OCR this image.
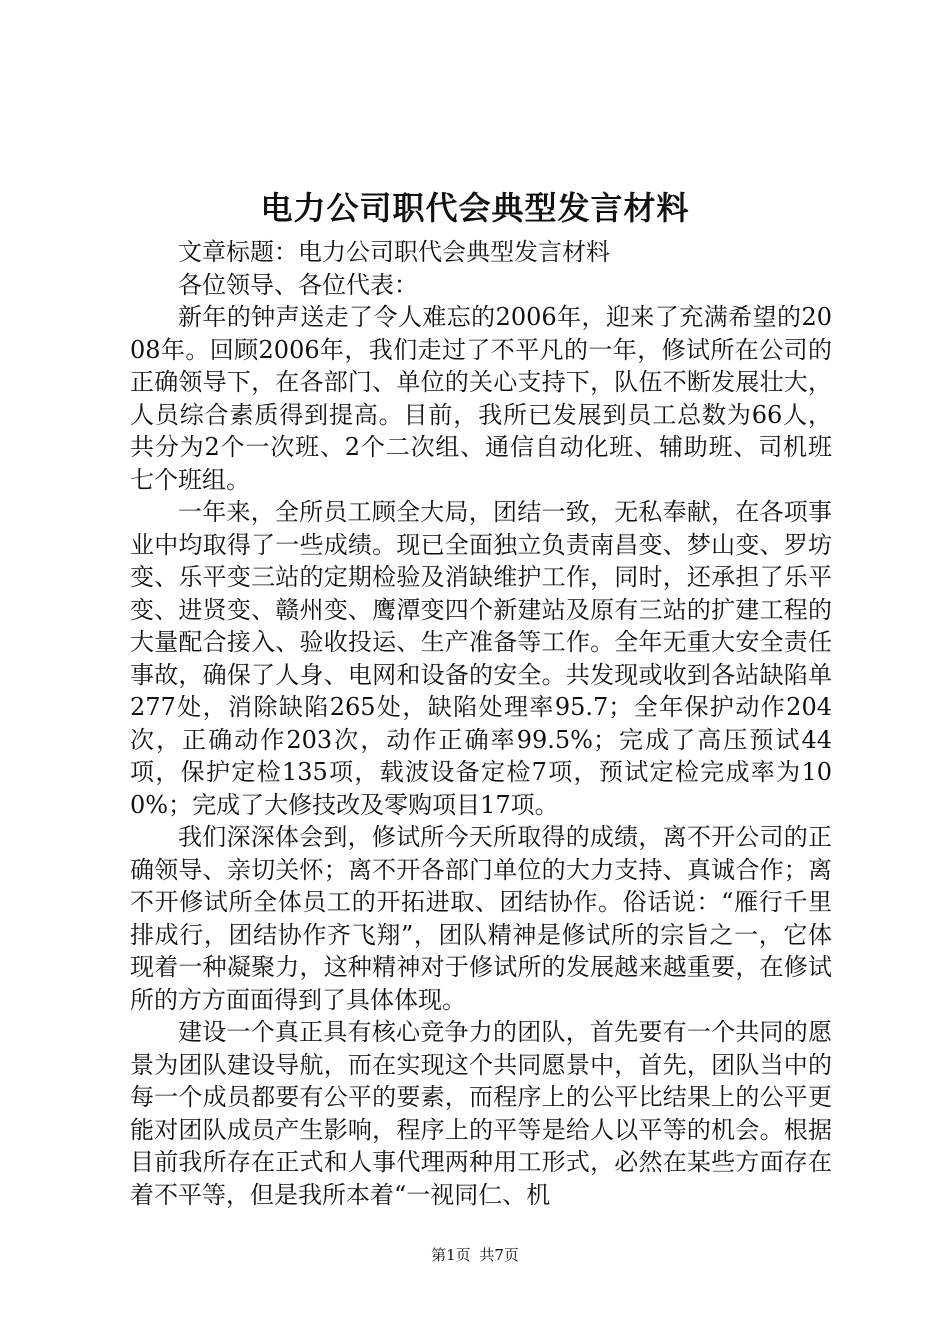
电力公司职代会典型发言材料

文章标题：电力公司职代会典型发言材料

各位领导、各位代表：

新年的钟声送走了令人难忘的2006年，迎来了充满希望的2008年。回顾2006年，我们走过了不平凡的一年，修试所在公司的正确领导下，在各部门、单位的关心支持下，队伍不断发展壮大，人员综合素质得到提高。目前，我所已发展到员工总数为66人，共分为2个一次班、2个二次组、通信自动化班、辅助班、司机班七个班组。

一年来，全所员工顾全大局，团结一致，无私奉献，在各项事业中均取得了一些成绩。现已全面独立负责南昌变、梦山变、罗坊变、乐平变三站的定期检验及消缺维护工作，同时，还承担了乐平变、进贤变、赣州变、鹰潭变四个新建站及原有三站的扩建工程的大量配合接入、验收投运、生产准备等工作。全年无重大安全责任事故，确保了人身、电网和设备的安全。共发现或收到各站缺陷单277处，消除缺陷265处，缺陷处理率95.7；全年保护动作204次，正确动作203次，动作正确率99.5%；完成了高压预试44项，保护定检135项，载波设备定检7项，预试定检完成率为100%；完成了大修技改及零购项目17项。

我们深深体会到，修试所今天所取得的成绩，离不开公司的正确领导、亲切关怀；离不开各部门单位的大力支持、真诚合作；离不开修试所全体员工的开拓进取、团结协作。俗话说：“雁行千里排成行，团结协作齐飞翔”，团队精神是修试所的宗旨之一，它体现着一种凝聚力，这种精神对于修试所的发展越来越重要，在修试所的方方面面得到了具体体现。

建设一个真正具有核心竞争力的团队，首先要有一个共同的愿景为团队建设导航，而在实现这个共同愿景中，首先，团队当中的每一个成员都要有公平的要素，而程序上的公平比结果上的公平更能对团队成员产生影响，程序上的平等是给人以平等的机会。根据目前我所存在正式和人事代理两种用工形式，必然在某些方面存在着不平等，但是我所本着“一视同仁、机

第1页 共7页
